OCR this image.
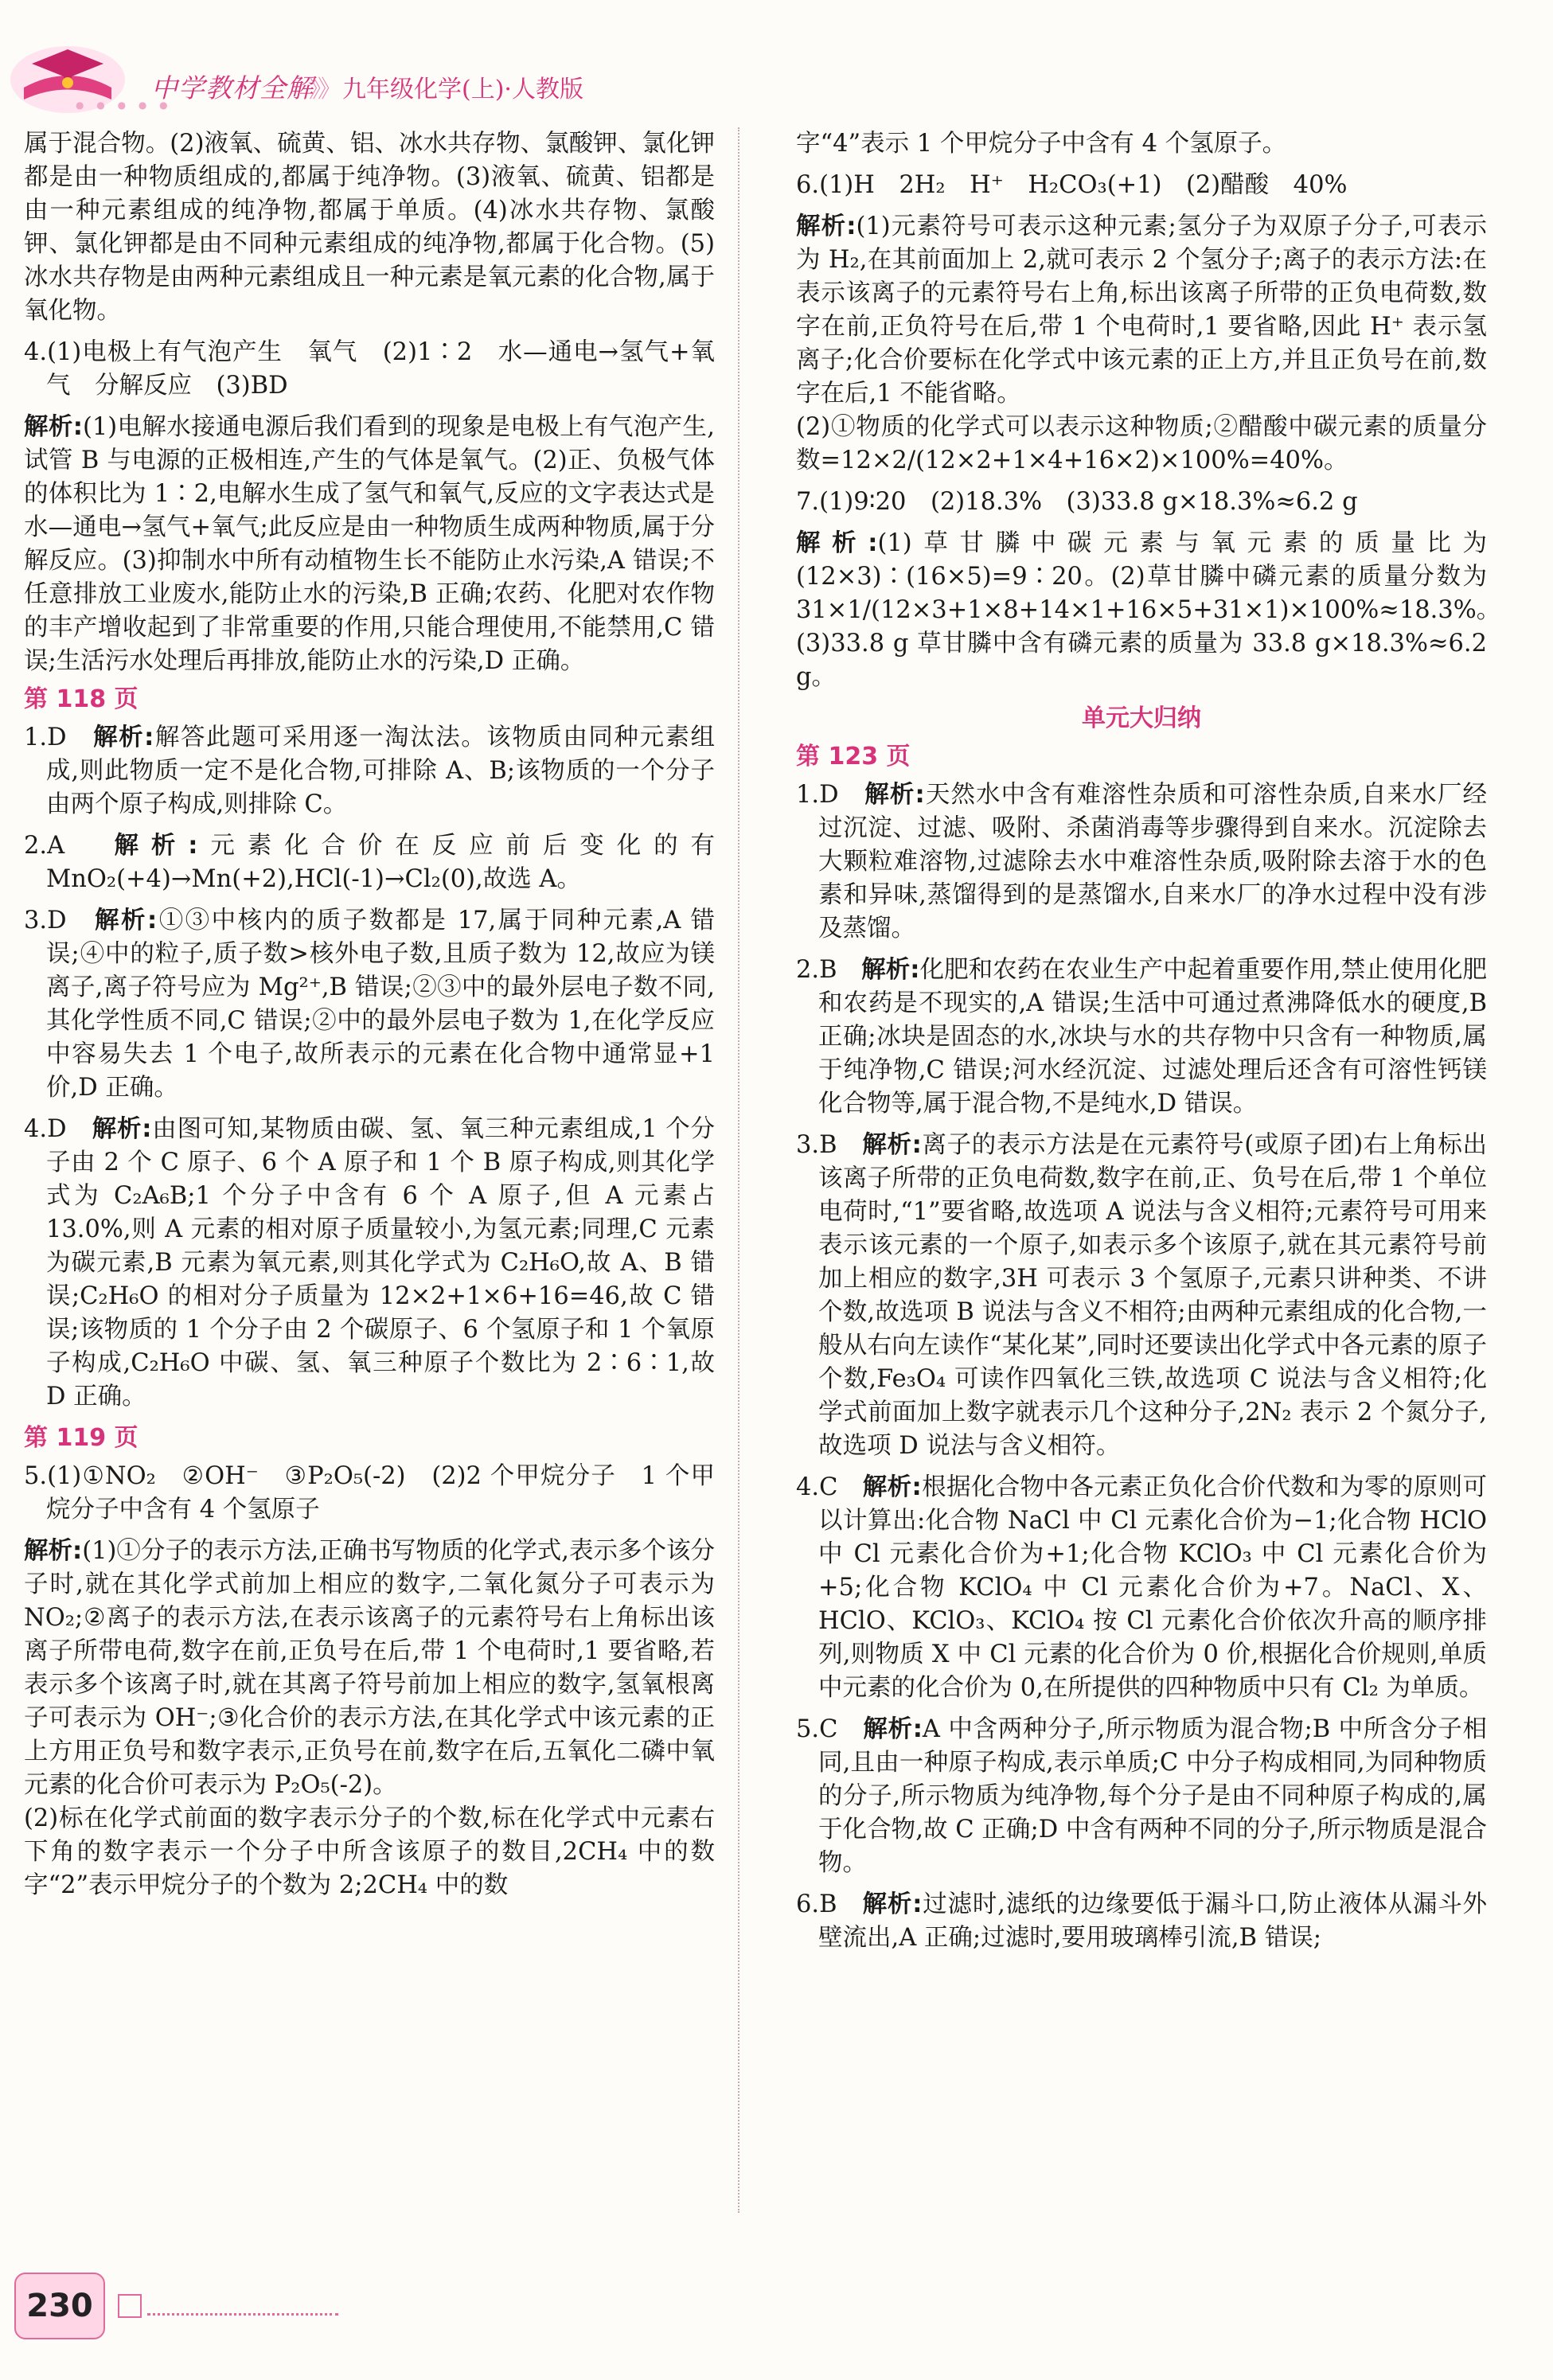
中学教材全解
》》 九年级化学(上)·人教版
● ● ● ● ●

属于混合物。(2)液氧、硫黄、铝、冰水共存物、氯酸钾、氯化钾都是由一种物质组成的,都属于纯净物。(3)液氧、硫黄、铝都是由一种元素组成的纯净物,都属于单质。(4)冰水共存物、氯酸钾、氯化钾都是由不同种元素组成的纯净物,都属于化合物。(5)冰水共存物是由两种元素组成且一种元素是氧元素的化合物,属于氧化物。

4.(1)电极上有气泡产生　氧气　(2)1∶2　水—通电→氢气+氧气　分解反应　(3)BD

解析:(1)电解水接通电源后我们看到的现象是电极上有气泡产生,试管 B 与电源的正极相连,产生的气体是氧气。(2)正、负极气体的体积比为 1∶2,电解水生成了氢气和氧气,反应的文字表达式是水—通电→氢气+氧气;此反应是由一种物质生成两种物质,属于分解反应。(3)抑制水中所有动植物生长不能防止水污染,A 错误;不任意排放工业废水,能防止水的污染,B 正确;农药、化肥对农作物的丰产增收起到了非常重要的作用,只能合理使用,不能禁用,C 错误;生活污水处理后再排放,能防止水的污染,D 正确。

第 118 页

1.D　 解析:解答此题可采用逐一淘汰法。该物质由同种元素组成,则此物质一定不是化合物,可排除 A、B;该物质的一个分子由两个原子构成,则排除 C。

2.A　 解析:元素化合价在反应前后变化的有 MnO₂(+4)→Mn(+2),HCl(-1)→Cl₂(0),故选 A。

3.D　 解析:①③中核内的质子数都是 17,属于同种元素,A 错误;④中的粒子,质子数>核外电子数,且质子数为 12,故应为镁离子,离子符号应为 Mg²⁺,B 错误;②③中的最外层电子数不同,其化学性质不同,C 错误;②中的最外层电子数为 1,在化学反应中容易失去 1 个电子,故所表示的元素在化合物中通常显+1 价,D 正确。

4.D　 解析:由图可知,某物质由碳、氢、氧三种元素组成,1 个分子由 2 个 C 原子、6 个 A 原子和 1 个 B 原子构成,则其化学式为 C₂A₆B;1 个分子中含有 6 个 A 原子,但 A 元素占 13.0%,则 A 元素的相对原子质量较小,为氢元素;同理,C 元素为碳元素,B 元素为氧元素,则其化学式为 C₂H₆O,故 A、B 错误;C₂H₆O 的相对分子质量为 12×2+1×6+16=46,故 C 错误;该物质的 1 个分子由 2 个碳原子、6 个氢原子和 1 个氧原子构成,C₂H₆O 中碳、氢、氧三种原子个数比为 2∶6∶1,故 D 正确。

第 119 页

5.(1)①NO₂　②OH⁻　③P₂O₅(-2)　(2)2 个甲烷分子　1 个甲烷分子中含有 4 个氢原子

解析:(1)①分子的表示方法,正确书写物质的化学式,表示多个该分子时,就在其化学式前加上相应的数字,二氧化氮分子可表示为 NO₂;②离子的表示方法,在表示该离子的元素符号右上角标出该离子所带电荷,数字在前,正负号在后,带 1 个电荷时,1 要省略,若表示多个该离子时,就在其离子符号前加上相应的数字,氢氧根离子可表示为 OH⁻;③化合价的表示方法,在其化学式中该元素的正上方用正负号和数字表示,正负号在前,数字在后,五氧化二磷中氧元素的化合价可表示为 P₂O₅(-2)。

(2)标在化学式前面的数字表示分子的个数,标在化学式中元素右下角的数字表示一个分子中所含该原子的数目,2CH₄ 中的数字“2”表示甲烷分子的个数为 2;2CH₄ 中的数

字“4”表示 1 个甲烷分子中含有 4 个氢原子。

6.(1)H　2H₂　H⁺　H₂CO₃(+1)　(2)醋酸　40%

解析:(1)元素符号可表示这种元素;氢分子为双原子分子,可表示为 H₂,在其前面加上 2,就可表示 2 个氢分子;离子的表示方法:在表示该离子的元素符号右上角,标出该离子所带的正负电荷数,数字在前,正负符号在后,带 1 个电荷时,1 要省略,因此 H⁺ 表示氢离子;化合价要标在化学式中该元素的正上方,并且正负号在前,数字在后,1 不能省略。

(2)①物质的化学式可以表示这种物质;②醋酸中碳元素的质量分数=12×2/(12×2+1×4+16×2)×100%=40%。

7.(1)9∶20　(2)18.3%　(3)33.8 g×18.3%≈6.2 g

解析:(1)草甘膦中碳元素与氧元素的质量比为(12×3)∶(16×5)=9∶20。(2)草甘膦中磷元素的质量分数为 31×1/(12×3+1×8+14×1+16×5+31×1)×100%≈18.3%。

(3)33.8 g 草甘膦中含有磷元素的质量为 33.8 g×18.3%≈6.2 g。

单元大归纳
第 123 页

1.D　 解析:天然水中含有难溶性杂质和可溶性杂质,自来水厂经过沉淀、过滤、吸附、杀菌消毒等步骤得到自来水。沉淀除去大颗粒难溶物,过滤除去水中难溶性杂质,吸附除去溶于水的色素和异味,蒸馏得到的是蒸馏水,自来水厂的净水过程中没有涉及蒸馏。

2.B　 解析:化肥和农药在农业生产中起着重要作用,禁止使用化肥和农药是不现实的,A 错误;生活中可通过煮沸降低水的硬度,B 正确;冰块是固态的水,冰块与水的共存物中只含有一种物质,属于纯净物,C 错误;河水经沉淀、过滤处理后还含有可溶性钙镁化合物等,属于混合物,不是纯水,D 错误。

3.B　 解析:离子的表示方法是在元素符号(或原子团)右上角标出该离子所带的正负电荷数,数字在前,正、负号在后,带 1 个单位电荷时,“1”要省略,故选项 A 说法与含义相符;元素符号可用来表示该元素的一个原子,如表示多个该原子,就在其元素符号前加上相应的数字,3H 可表示 3 个氢原子,元素只讲种类、不讲个数,故选项 B 说法与含义不相符;由两种元素组成的化合物,一般从右向左读作“某化某”,同时还要读出化学式中各元素的原子个数,Fe₃O₄ 可读作四氧化三铁,故选项 C 说法与含义相符;化学式前面加上数字就表示几个这种分子,2N₂ 表示 2 个氮分子,故选项 D 说法与含义相符。

4.C　 解析:根据化合物中各元素正负化合价代数和为零的原则可以计算出:化合物 NaCl 中 Cl 元素化合价为−1;化合物 HClO 中 Cl 元素化合价为+1;化合物 KClO₃ 中 Cl 元素化合价为+5;化合物 KClO₄ 中 Cl 元素化合价为+7。NaCl、X、HClO、KClO₃、KClO₄ 按 Cl 元素化合价依次升高的顺序排列,则物质 X 中 Cl 元素的化合价为 0 价,根据化合价规则,单质中元素的化合价为 0,在所提供的四种物质中只有 Cl₂ 为单质。

5.C　 解析:A 中含两种分子,所示物质为混合物;B 中所含分子相同,且由一种原子构成,表示单质;C 中分子构成相同,为同种物质的分子,所示物质为纯净物,每个分子是由不同种原子构成的,属于化合物,故 C 正确;D 中含有两种不同的分子,所示物质是混合物。

6.B　 解析:过滤时,滤纸的边缘要低于漏斗口,防止液体从漏斗外壁流出,A 正确;过滤时,要用玻璃棒引流,B 错误;

230
